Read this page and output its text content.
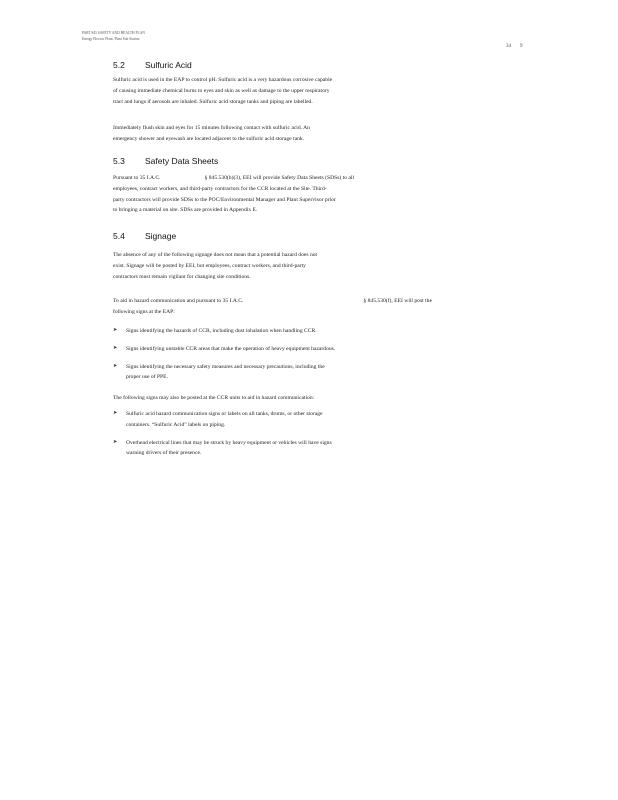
PART 845 SAFETY AND HEALTH PLAN
Energy Electric Plant, Plant Site Station
34 9
5.2 Sulfuric Acid

Sulfuric acid is used in the EAP to control pH. Sulfuric acid is a very hazardous corrosive capable
of causing immediate chemical burns to eyes and skin as well as damage to the upper respiratory
tract and lungs if aerosols are inhaled. Sulfuric acid storage tanks and piping are labelled.

Immediately flush skin and eyes for 15 minutes following contact with sulfuric acid. An
emergency shower and eyewash are located adjacent to the sulfuric acid storage tank.

5.3 Safety Data Sheets

Pursuant to 35 I.A.C.	§ 845.530(b)(3), EEI will provide Safety Data Sheets (SDSs) to all
employees, contract workers, and third-party contractors for the CCR located at the Site. Third-
party contractors will provide SDSs to the POC/Environmental Manager and Plant Supervisor prior
to bringing a material on site. SDSs are provided in Appendix E.

5.4 Signage

The absence of any of the following signage does not mean that a potential hazard does not
exist. Signage will be posted by EEI, but employees, contract workers, and third-party
contractors must remain vigilant for changing site conditions.

To aid in hazard communication and pursuant to 35 I.A.C.	§ 845.530(f), EEI will post the
following signs at the EAP:

➤ Signs identifying the hazards of CCR, including dust inhalation when handling CCR.
➤ Signs identifying unstable CCR areas that make the operation of heavy equipment hazardous.
➤ Signs identifying the necessary safety measures and necessary precautions, including the
proper use of PPE.

The following signs may also be posted at the CCR units to aid in hazard communication:

➤ Sulfuric acid hazard communication signs or labels on all tanks, drums, or other storage
containers. “Sulfuric Acid” labels on piping.
➤ Overhead electrical lines that may be struck by heavy equipment or vehicles will have signs
warning drivers of their presence.
